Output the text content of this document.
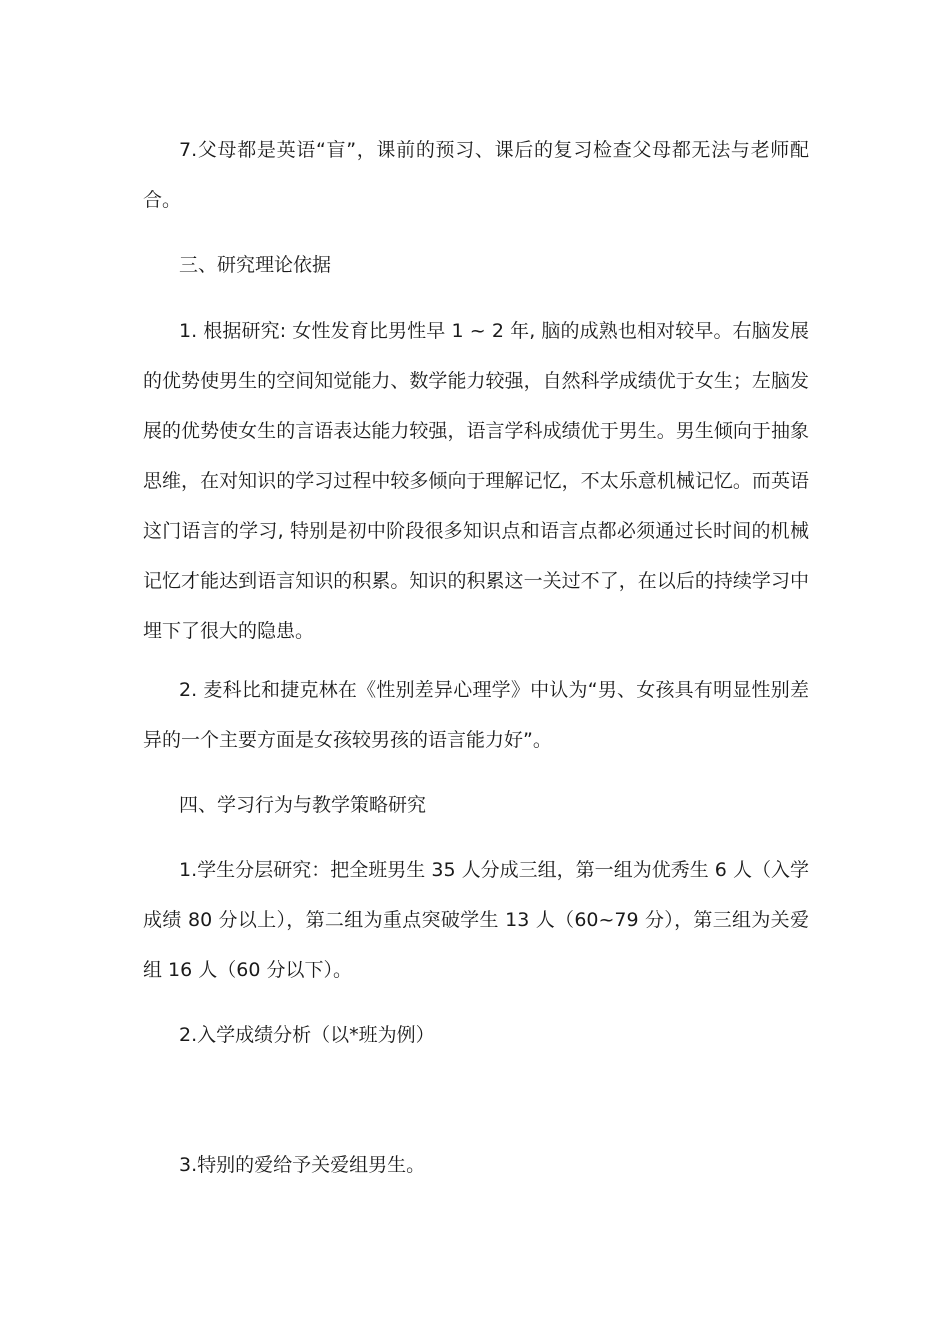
7.父母都是英语“盲”，课前的预习、课后的复习检查父母都无法与老师配合。

三、研究理论依据

1. 根据研究: 女性发育比男性早 1 ~ 2 年, 脑的成熟也相对较早。右脑发展的优势使男生的空间知觉能力、数学能力较强，自然科学成绩优于女生；左脑发展的优势使女生的言语表达能力较强，语言学科成绩优于男生。男生倾向于抽象思维，在对知识的学习过程中较多倾向于理解记忆，不太乐意机械记忆。而英语这门语言的学习, 特别是初中阶段很多知识点和语言点都必须通过长时间的机械记忆才能达到语言知识的积累。知识的积累这一关过不了，在以后的持续学习中埋下了很大的隐患。

2. 麦科比和捷克林在《性别差异心理学》中认为“男、女孩具有明显性别差异的一个主要方面是女孩较男孩的语言能力好”。

四、学习行为与教学策略研究

1.学生分层研究：把全班男生 35 人分成三组，第一组为优秀生 6 人（入学成绩 80 分以上），第二组为重点突破学生 13 人（60~79 分），第三组为关爱组 16 人（60 分以下）。

2.入学成绩分析（以*班为例）

3.特别的爱给予关爱组男生。
